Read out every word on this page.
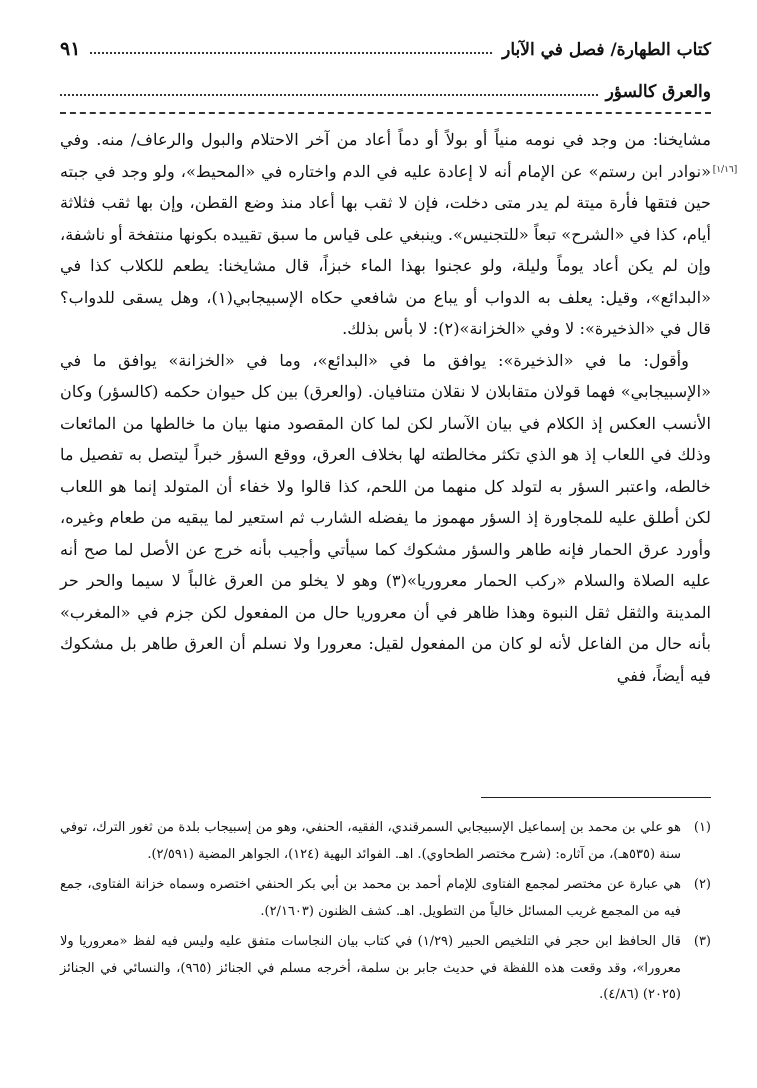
كتاب الطهارة/ فصل في الآبار
٩١
والعرق كالسؤر
[١/١٦]

مشايخنا: من وجد في نومه منياً أو بولاً أو دماً أعاد من آخر الاحتلام والبول والرعاف/ منه. وفي «نوادر ابن رستم» عن الإمام أنه لا إعادة عليه في الدم واختاره في «المحيط»، ولو وجد في جبته حين فتقها فأرة ميتة لم يدر متى دخلت، فإن لا ثقب بها أعاد منذ وضع القطن، وإن بها ثقب فثلاثة أيام، كذا في «الشرح» تبعاً «للتجنيس». وينبغي على قياس ما سبق تقييده بكونها منتفخة أو ناشفة، وإن لم يكن أعاد يوماً وليلة، ولو عجنوا بهذا الماء خبزاً، قال مشايخنا: يطعم للكلاب كذا في «البدائع»، وقيل: يعلف به الدواب أو يباع من شافعي حكاه الإسبيجابي(١)، وهل يسقى للدواب؟ قال في «الذخيرة»: لا وفي «الخزانة»(٢): لا بأس بذلك.

وأقول: ما في «الذخيرة»: يوافق ما في «البدائع»، وما في «الخزانة» يوافق ما في «الإسبيجابي» فهما قولان متقابلان لا نقلان متنافيان. (والعرق) بين كل حيوان حكمه (كالسؤر) وكان الأنسب العكس إذ الكلام في بيان الآسار لكن لما كان المقصود منها بيان ما خالطها من المائعات وذلك في اللعاب إذ هو الذي تكثر مخالطته لها بخلاف العرق، ووقع السؤر خبراً ليتصل به تفصيل ما خالطه، واعتبر السؤر به لتولد كل منهما من اللحم، كذا قالوا ولا خفاء أن المتولد إنما هو اللعاب لكن أطلق عليه للمجاورة إذ السؤر مهموز ما يفضله الشارب ثم استعير لما يبقيه من طعام وغيره، وأورد عرق الحمار فإنه طاهر والسؤر مشكوك كما سيأتي وأجيب بأنه خرج عن الأصل لما صح أنه عليه الصلاة والسلام «ركب الحمار معروريا»(٣) وهو لا يخلو من العرق غالباً لا سيما والحر حر المدينة والثقل ثقل النبوة وهذا ظاهر في أن معروريا حال من المفعول لكن جزم في «المغرب» بأنه حال من الفاعل لأنه لو كان من المفعول لقيل: معرورا ولا نسلم أن العرق طاهر بل مشكوك فيه أيضاً، ففي

(١)
هو علي بن محمد بن إسماعيل الإسبيجابي السمرقندي، الفقيه، الحنفي، وهو من إسبيجاب بلدة من ثغور الترك، توفي سنة (٥٣٥هـ)، من آثاره: (شرح مختصر الطحاوي). اهـ. الفوائد البهية (١٢٤)، الجواهر المضية (٢/٥٩١).
(٢)
هي عبارة عن مختصر لمجمع الفتاوى للإمام أحمد بن محمد بن أبي بكر الحنفي اختصره وسماه خزانة الفتاوى، جمع فيه من المجمع غريب المسائل خالياً من التطويل. اهـ. كشف الظنون (٢/١٦٠٣).
(٣)
قال الحافظ ابن حجر في التلخيص الحبير (١/٢٩) في كتاب بيان النجاسات متفق عليه وليس فيه لفظ «معروريا ولا معرورا»، وقد وقعت هذه اللفظة في حديث جابر بن سلمة، أخرجه مسلم في الجنائز (٩٦٥)، والنسائي في الجنائز (٢٠٢٥) (٤/٨٦).
